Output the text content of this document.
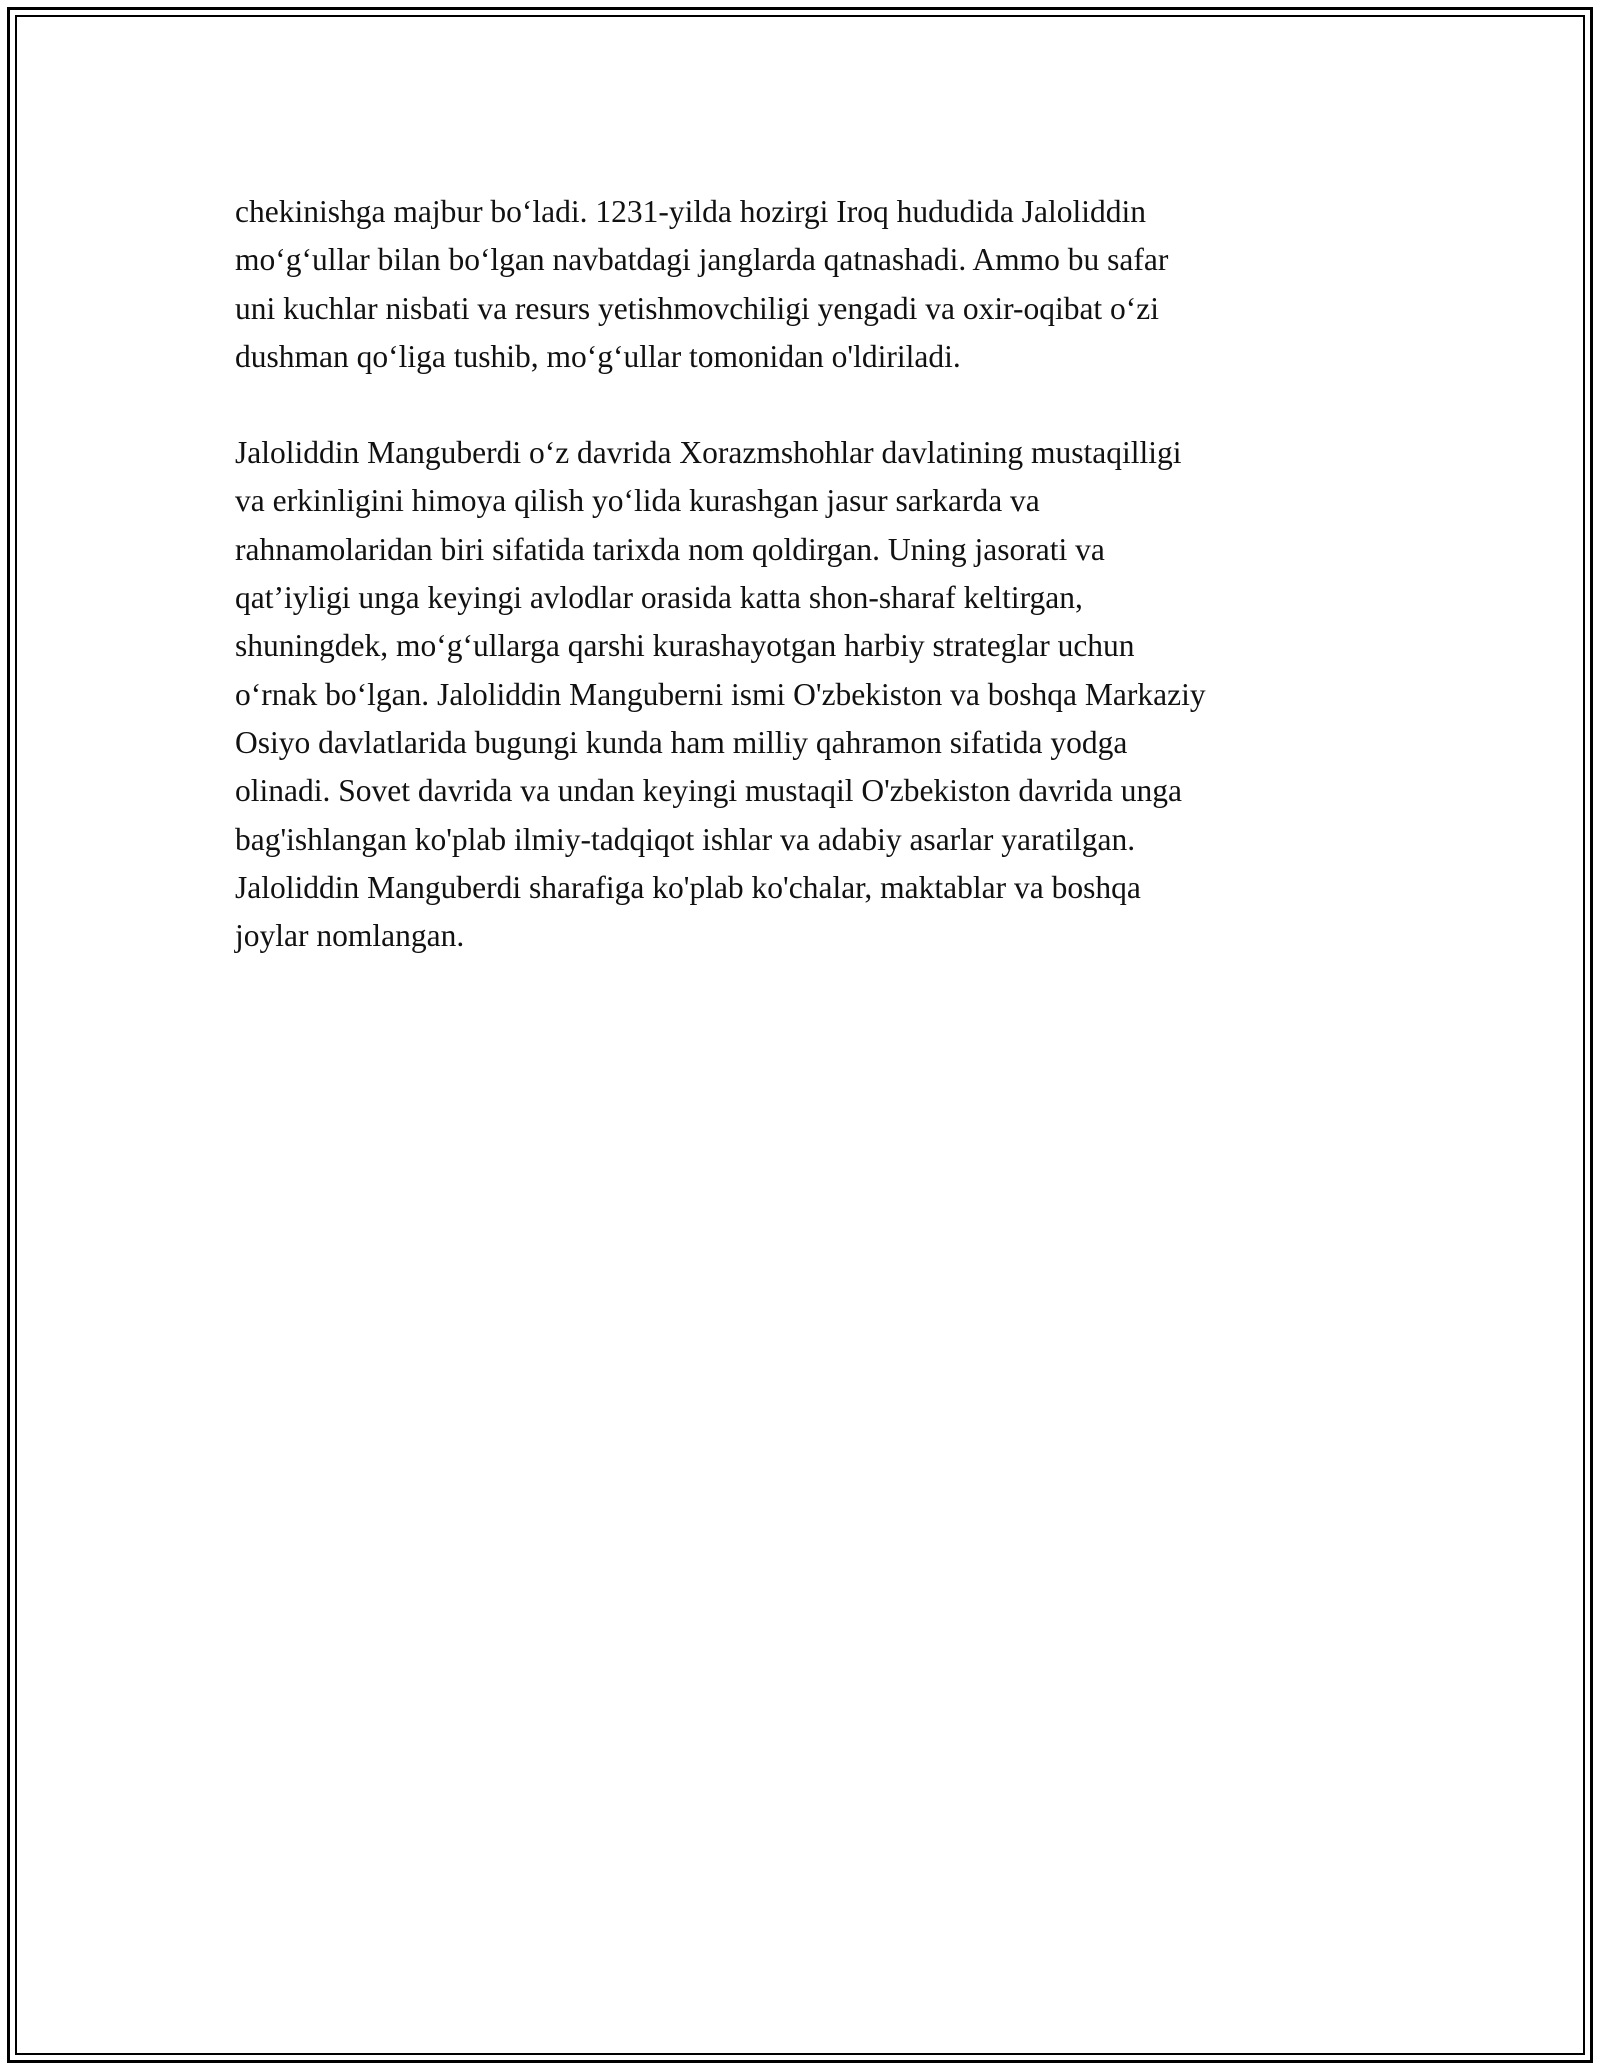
chekinishga majbur bo‘ladi. 1231-yilda hozirgi Iroq hududida Jaloliddin
mo‘g‘ullar bilan bo‘lgan navbatdagi janglarda qatnashadi. Ammo bu safar
uni kuchlar nisbati va resurs yetishmovchiligi yengadi va oxir-oqibat o‘zi
dushman qo‘liga tushib, mo‘g‘ullar tomonidan o'ldiriladi.

Jaloliddin Manguberdi o‘z davrida Xorazmshohlar davlatining mustaqilligi
va erkinligini himoya qilish yo‘lida kurashgan jasur sarkarda va
rahnamolaridan biri sifatida tarixda nom qoldirgan. Uning jasorati va
qat’iyligi unga keyingi avlodlar orasida katta shon-sharaf keltirgan,
shuningdek, mo‘g‘ullarga qarshi kurashayotgan harbiy strateglar uchun
o‘rnak bo‘lgan. Jaloliddin Manguberni ismi O'zbekiston va boshqa Markaziy
Osiyo davlatlarida bugungi kunda ham milliy qahramon sifatida yodga
olinadi. Sovet davrida va undan keyingi mustaqil O'zbekiston davrida unga
bag'ishlangan ko'plab ilmiy-tadqiqot ishlar va adabiy asarlar yaratilgan.
Jaloliddin Manguberdi sharafiga ko'plab ko'chalar, maktablar va boshqa
joylar nomlangan.
